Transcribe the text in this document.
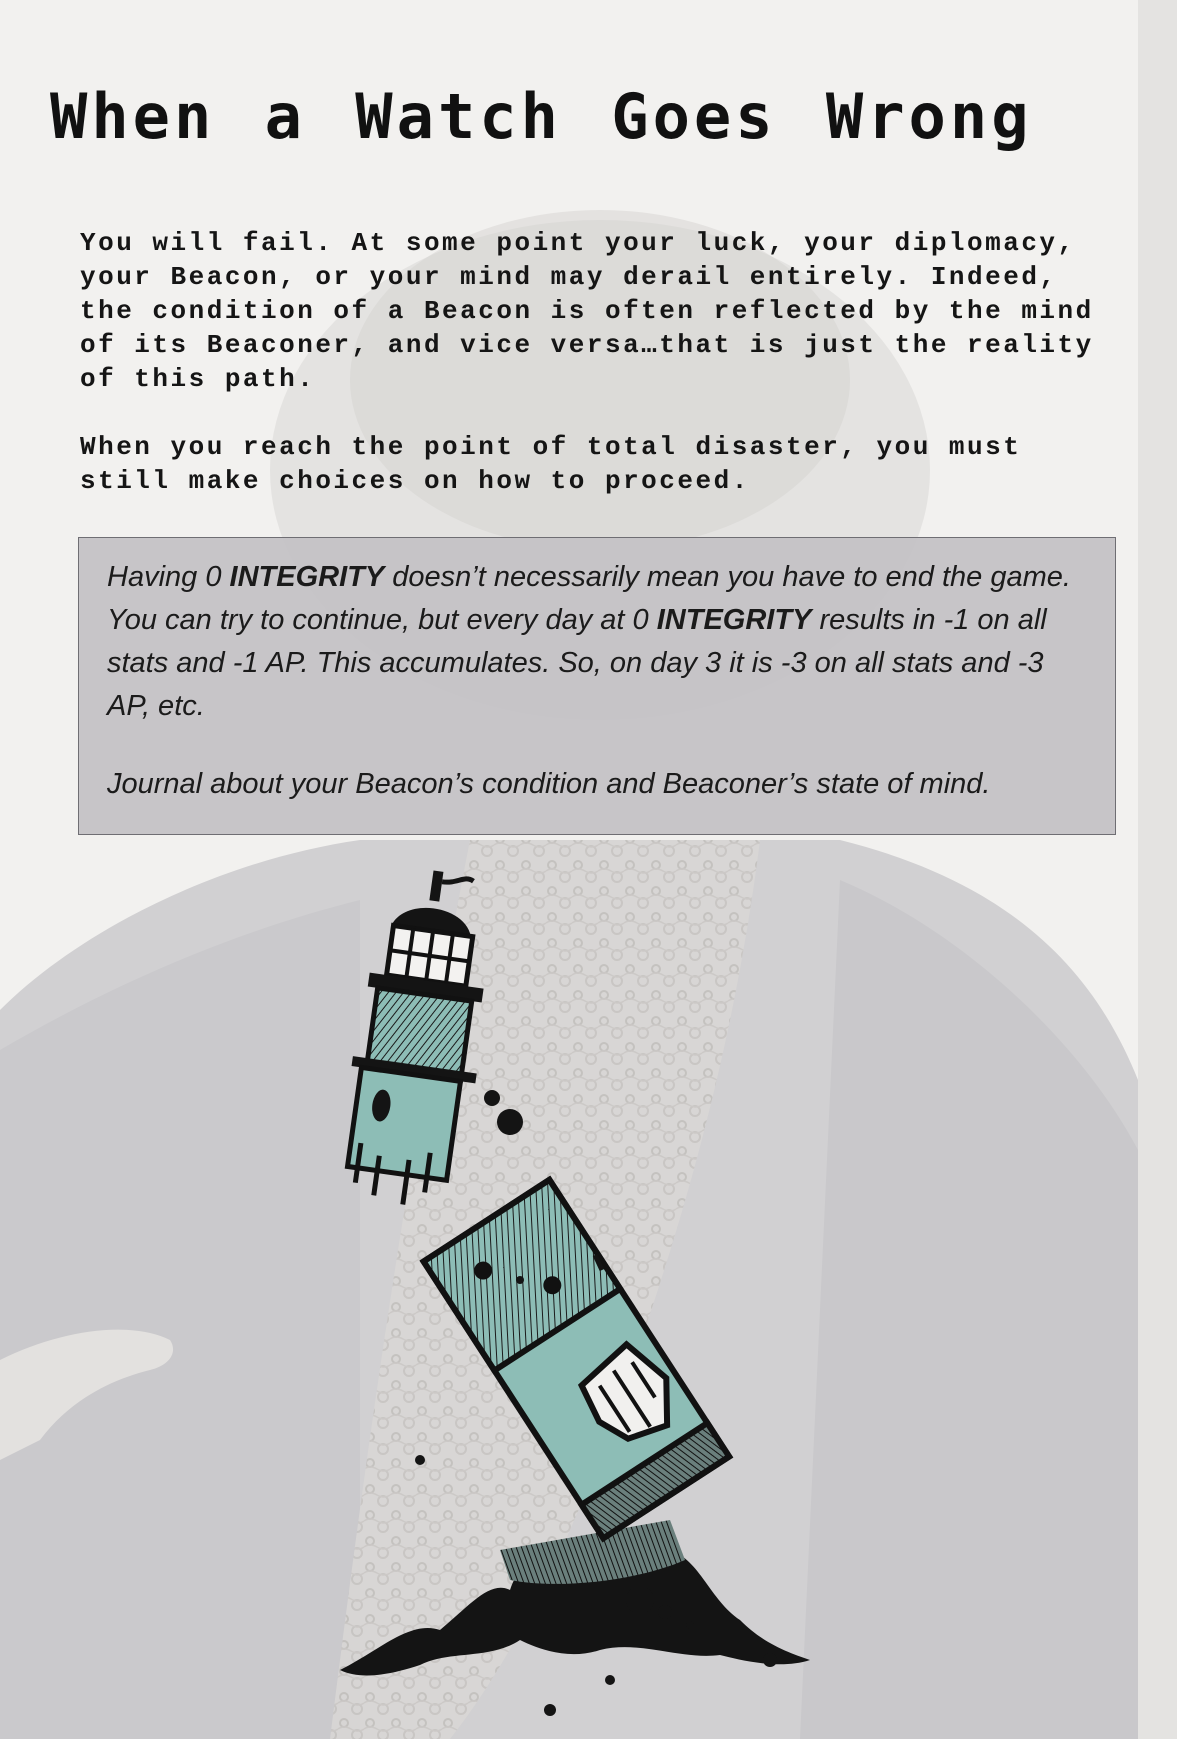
When a Watch Goes Wrong

You will fail. At some point your luck, your diplomacy, your Beacon, or your mind may derail entirely. Indeed, the condition of a Beacon is often reflected by the mind of its Beaconer, and vice versa…that is just the reality of this path.

When you reach the point of total disaster, you must still make choices on how to proceed.

Having 0 INTEGRITY doesn’t necessarily mean you have to end the game. You can try to continue, but every day at 0 INTEGRITY results in -1 on all stats and -1 AP. This accumulates. So, on day 3 it is -3 on all stats and -3 AP, etc.

Journal about your Beacon’s condition and Beaconer’s state of mind.
